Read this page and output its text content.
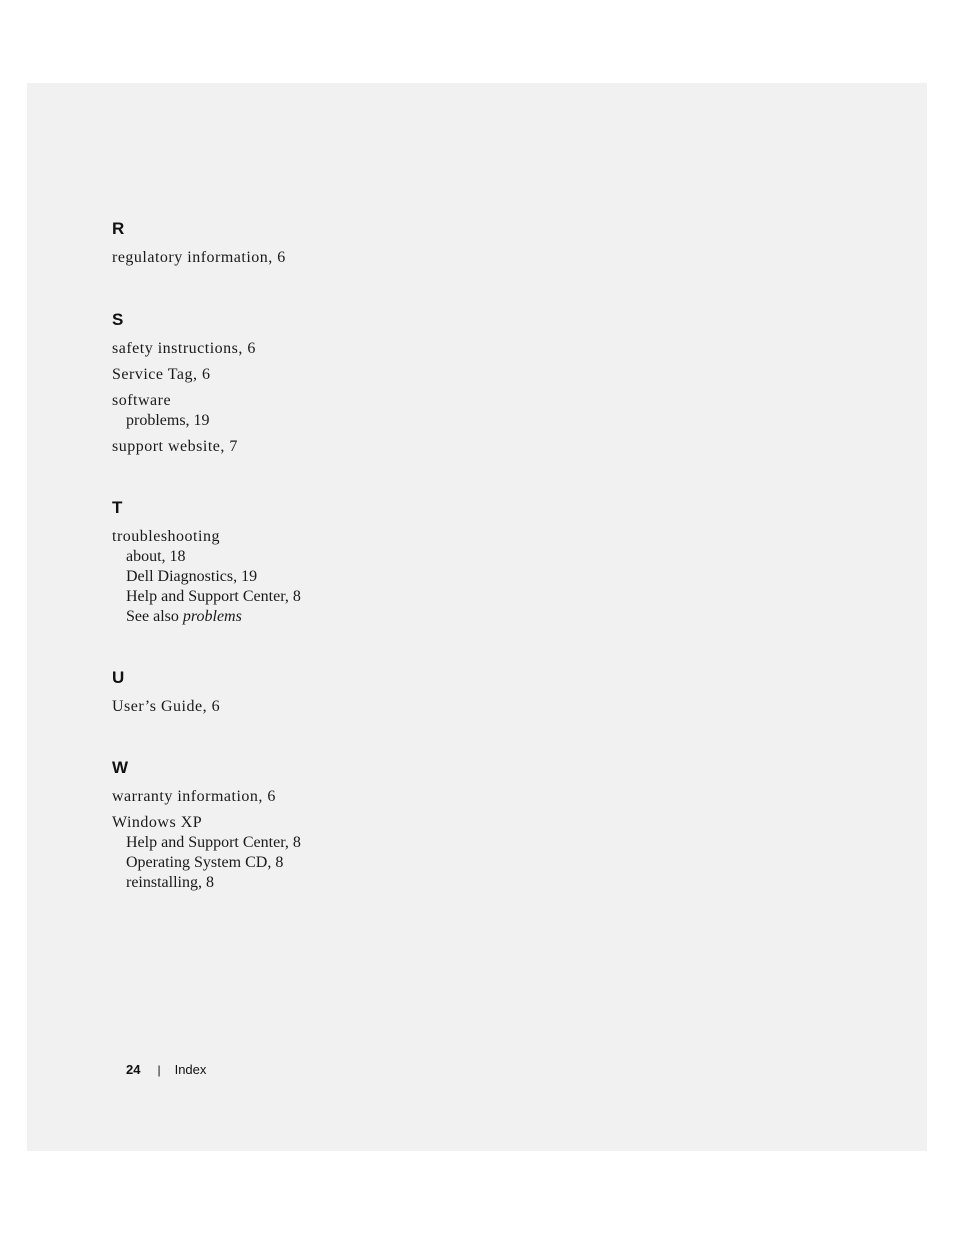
R
regulatory information, 6
S
safety instructions, 6
Service Tag, 6
software
problems, 19
support website, 7
T
troubleshooting
about, 18
Dell Diagnostics, 19
Help and Support Center, 8
See also problems
U
User’s Guide, 6
W
warranty information, 6
Windows XP
Help and Support Center, 8
Operating System CD, 8
reinstalling, 8
24 | Index
